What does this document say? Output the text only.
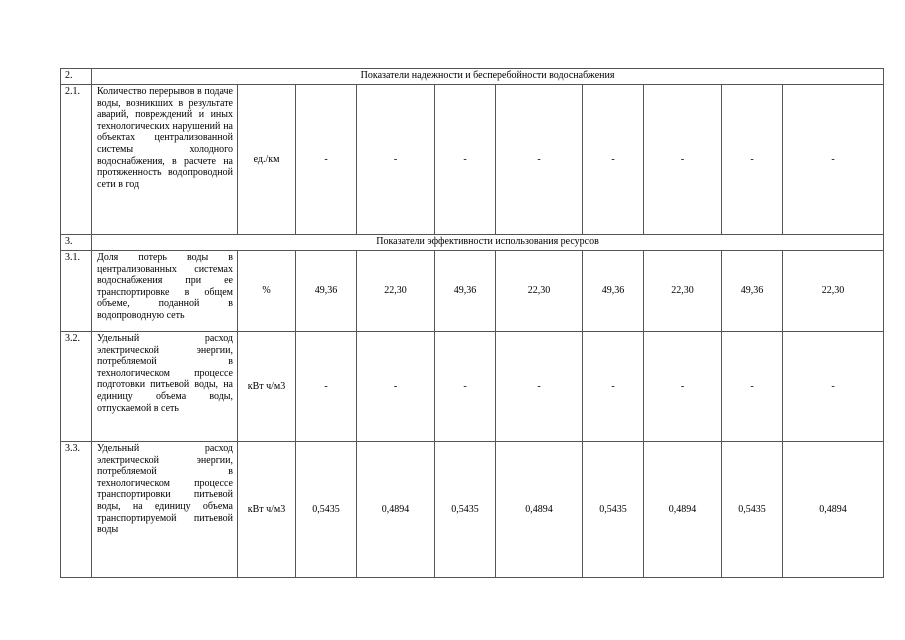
2.	Показатели надежности и бесперебойности водоснабжения									
2.1.	Количество перерывов в подаче воды, возникших в результате аварий, повреждений и иных технологических нарушений на объектах централизованной системы холодного водоснабжения, в расчете на протяженность водопроводной сети в год	ед./км	-	-	-	-	-	-	-	-
3.	Показатели эффективности использования ресурсов									
3.1.	Доля потерь воды в централизованных системах водоснабжения при ее транспортировке в общем объеме, поданной в водопроводную сеть	%	49,36	22,30	49,36	22,30	49,36	22,30	49,36	22,30
3.2.	Удельный расход электрической энергии, потребляемой в технологическом процессе подготовки питьевой воды, на единицу объема воды, отпускаемой в сеть	кВт ч/м3	-	-	-	-	-	-	-	-
3.3.	Удельный расход электрической энергии, потребляемой в технологическом процессе транспортировки питьевой воды, на единицу объема транспортируемой питьевой воды	кВт ч/м3	0,5435	0,4894	0,5435	0,4894	0,5435	0,4894	0,5435	0,4894
